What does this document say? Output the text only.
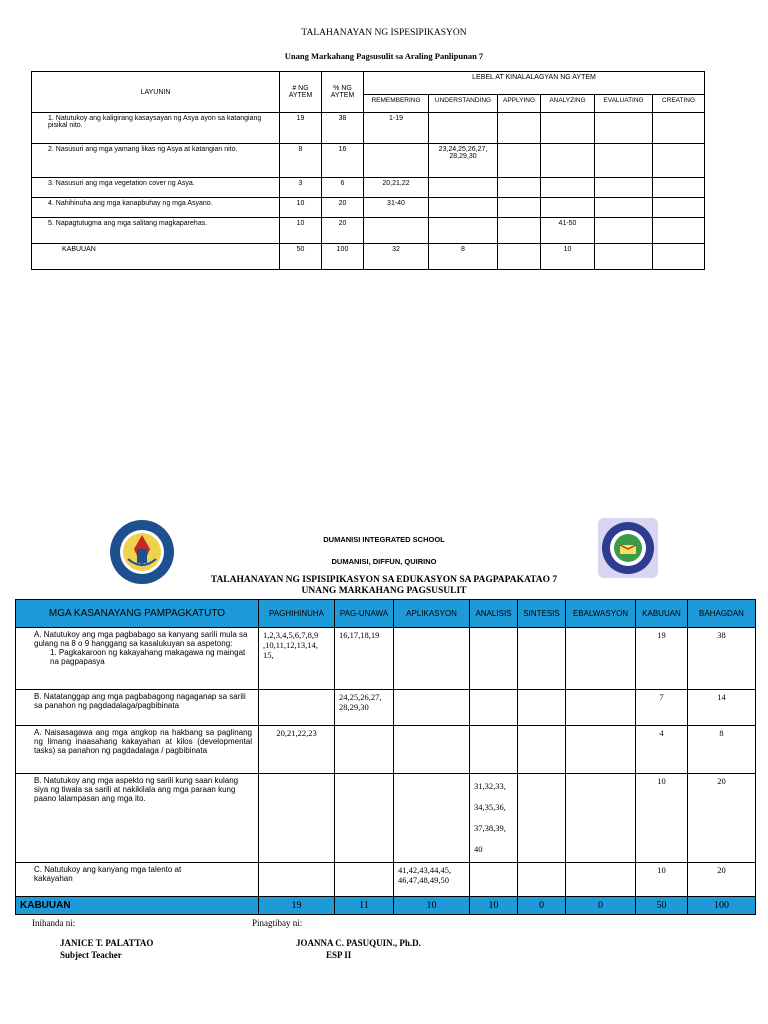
TALAHANAYAN NG ISPESIPIKASYON
Unang Markahang Pagsusulit sa Araling Panlipunan 7
LAYUNIN	# NG AYTEM	% NG AYTEM	LEBEL AT KINALALAGYAN NG AYTEM					
			REMEMBERING	UNDERSTANDING	APPLYING	ANALYZING	EVALUATING	CREATING
1. Natutukoy ang kaligirang kasaysayan ng Asya ayon sa katangiang pisikal nito.	19	38	1-19					
2. Nasusuri ang mga yamang likas ng Asya at katangian nito.	8	16		23,24,25,26,27, 28,29,30				
3. Nasusuri ang mga vegetation cover ng Asya.	3	6	20,21,22					
4. Nahihinuha ang mga kanapbuhay ng mga Asyano.	10	20	31-40					
5. Napagtutugma ang mga salitang magkaparehas.	10	20				41-50		
KABUUAN	50	100	32	8		10		
DUMANISI INTEGRATED SCHOOL
DUMANISI, DIFFUN, QUIRINO
TALAHANAYAN NG ISPISIPIKASYON SA EDUKASYON SA PAGPAPAKATAO 7
UNANG MARKAHANG PAGSUSULIT
MGA KASANAYANG PAMPAGKATUTO	PAGHIHINUHA	PAG-UNAWA	APLIKASYON	ANALISIS	SINTESIS	EBALWASYON	KABUUAN	BAHAGDAN

A. Natutukoy ang mga pagbabago sa kanyang sarili mula sa gulang na 8 o 9 hanggang sa kasalukuyan sa aspetong:
1. Pagkakaroon ng kakayahang makagawa ng maingat na pagpapasya	1,2,3,4,5,6,7,8,9 ,10,11,12,13,14, 15,	16,17,18,19					19	38

B. Natatanggap ang mga pagbabagong nagaganap sa sarili sa panahon ng pagdadalaga/pagbibinata		24,25,26,27, 28,29,30					7	14

A. Naisasagawa ang mga angkop na hakbang sa paglinang ng limang inaasahang kakayahan at kilos (developmental tasks) sa panahon ng pagdadalaga / pagbibinata	20,21,22,23						4	8

B. Natutukoy ang mga aspekto ng sarili kung saan kulang siya ng tiwala sa sarili at nakikilala ang mga paraan kung paano lalampasan ang mga ito.				31,32,33,
34,35,36,
37,38,39,
40			10	20

C. Natutukoy ang kanyang mga talento at kakayahan			41,42,43,44,45, 46,47,48,49,50				10	20
KABUUAN	19	11	10	10	0	0	50	100
Inihanda ni:	Pinagtibay ni:
JANICE T. PALATTAO
Subject Teacher
JOANNA C. PASUQUIN., Ph.D.
ESP II
